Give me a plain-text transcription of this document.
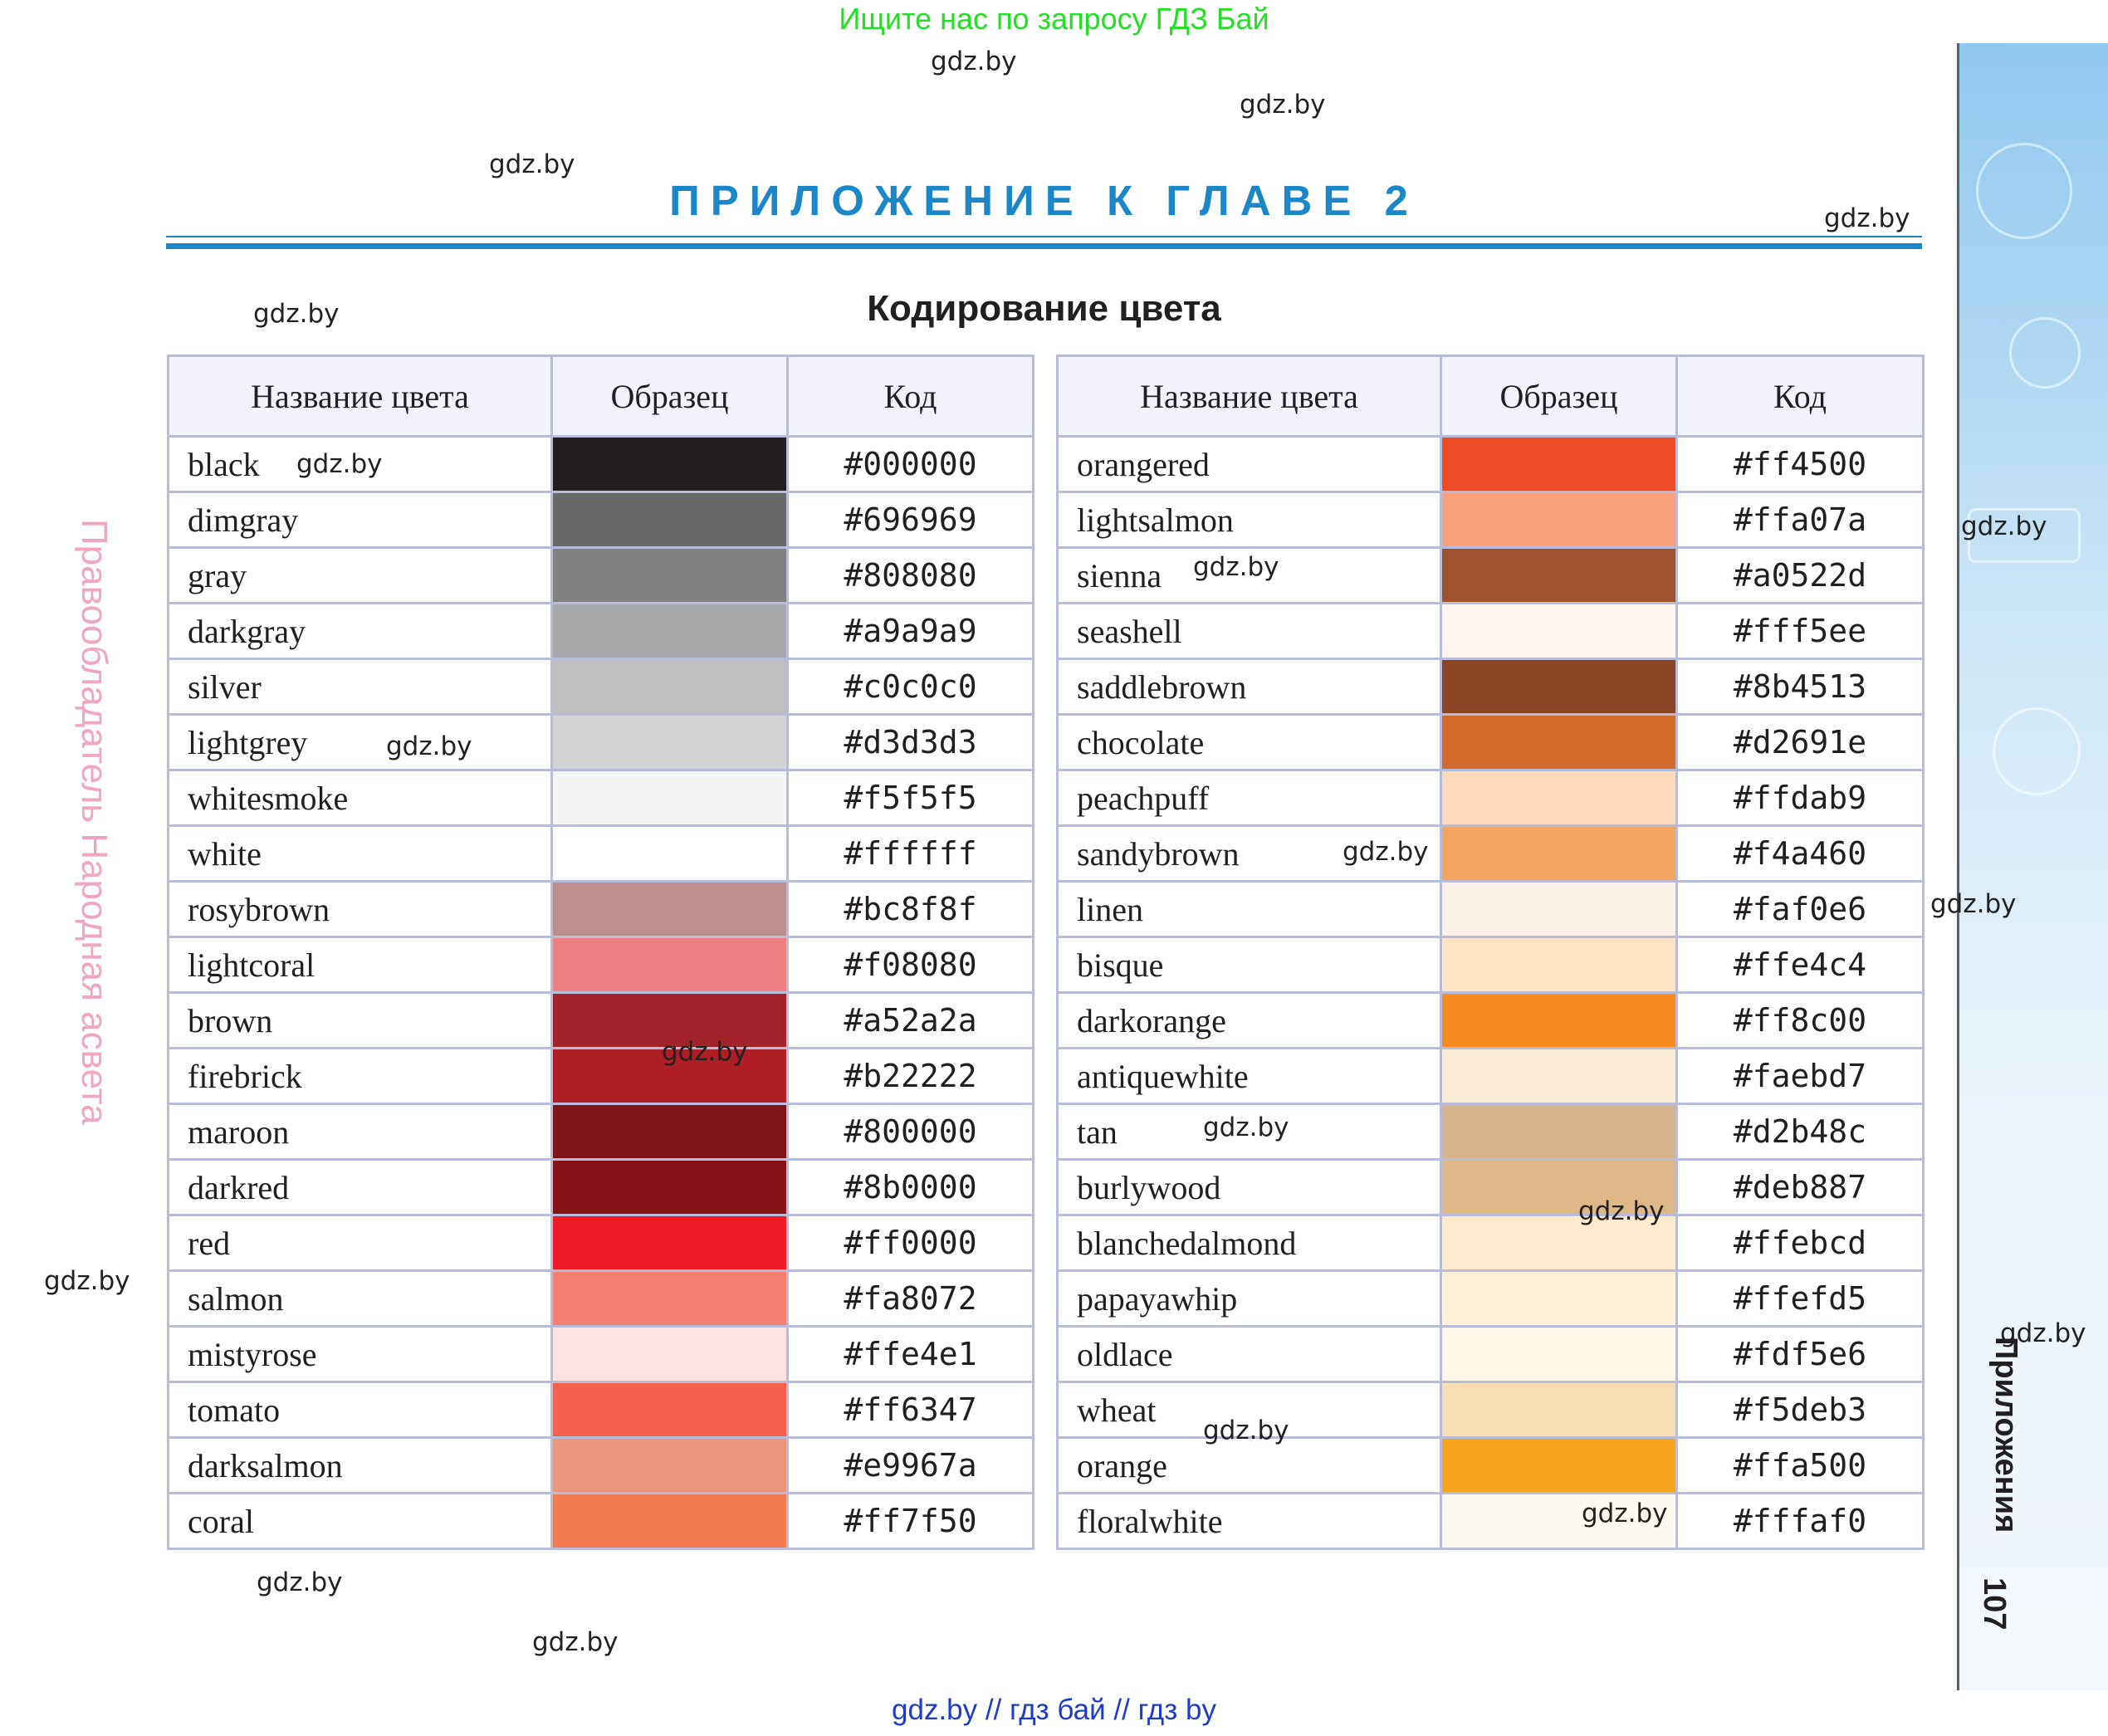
Ищите нас по запросу ГДЗ Бай
gdz.by
gdz.by
gdz.by
gdz.by
gdz.by
ПРИЛОЖЕНИЕ К ГЛАВЕ 2
Кодирование цвета
Название цвета	Образец	Код
black		#000000
dimgray		#696969
gray		#808080
darkgray		#a9a9a9
silver		#c0c0c0
lightgrey		#d3d3d3
whitesmoke		#f5f5f5
white		#ffffff
rosybrown		#bc8f8f
lightcoral		#f08080
brown		#a52a2a
firebrick		#b22222
maroon		#800000
darkred		#8b0000
red		#ff0000
salmon		#fa8072
mistyrose		#ffe4e1
tomato		#ff6347
darksalmon		#e9967a
coral		#ff7f50
Название цвета	Образец	Код
orangered		#ff4500
lightsalmon		#ffa07a
sienna		#a0522d
seashell		#fff5ee
saddlebrown		#8b4513
chocolate		#d2691e
peachpuff		#ffdab9
sandybrown		#f4a460
linen		#faf0e6
bisque		#ffe4c4
darkorange		#ff8c00
antiquewhite		#faebd7
tan		#d2b48c
burlywood		#deb887
blanchedalmond		#ffebcd
papayawhip		#ffefd5
oldlace		#fdf5e6
wheat		#f5deb3
orange		#ffa500
floralwhite		#fffaf0
gdz.by
gdz.by
gdz.by
gdz.by
gdz.by
gdz.by
gdz.by
gdz.by
gdz.by
gdz.by
gdz.by
gdz.by
gdz.by
gdz.by
gdz.by
Приложения
107
Правообладатель Народная асвета
gdz.by // гдз бай // гдз by
